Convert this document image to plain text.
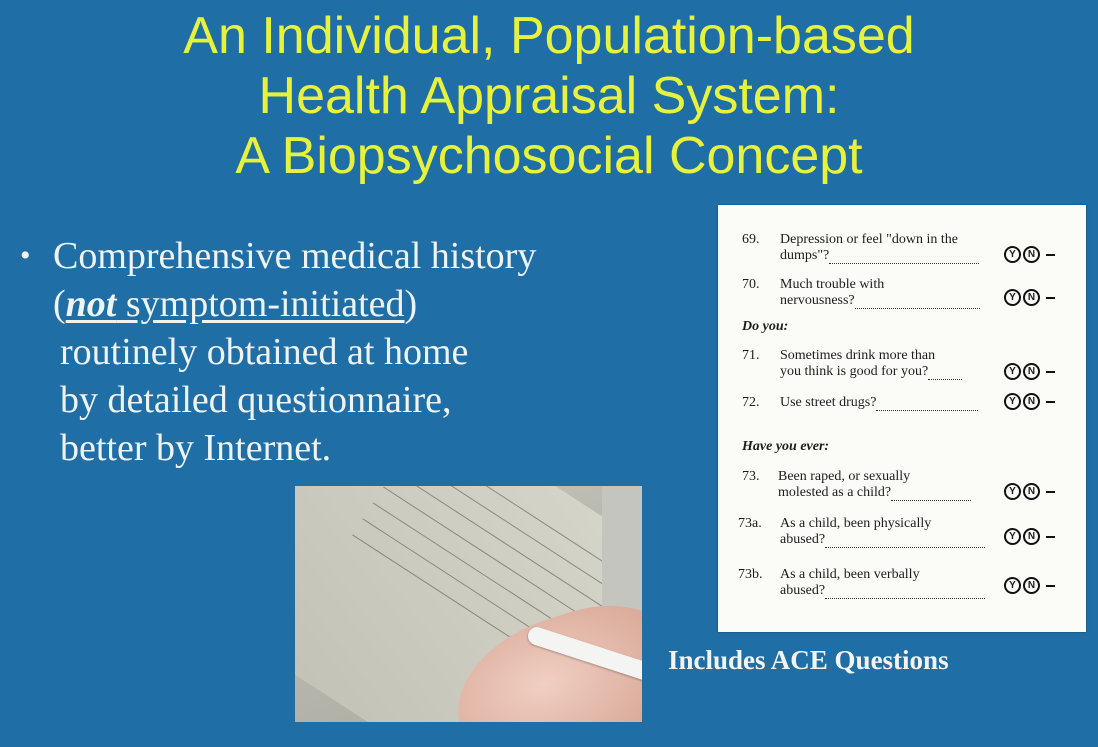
An Individual, Population-based
Health Appraisal System:
A Biopsychosocial Concept
• Comprehensive medical history
(not symptom-initiated)
routinely obtained at home
by detailed questionnaire,
better by Internet.
69. Depression or feel "down in the
dumps"?	Y	N
70. Much trouble with
nervousness?	Y	N
Do you:
71. Sometimes drink more than
you think is good for you?	Y	N
72. Use street drugs?	Y	N
Have you ever:
73. Been raped, or sexually
molested as a child?	Y	N
73a. As a child, been physically
abused?	Y	N
73b. As a child, been verbally
abused?	Y	N
Includes ACE Questions
